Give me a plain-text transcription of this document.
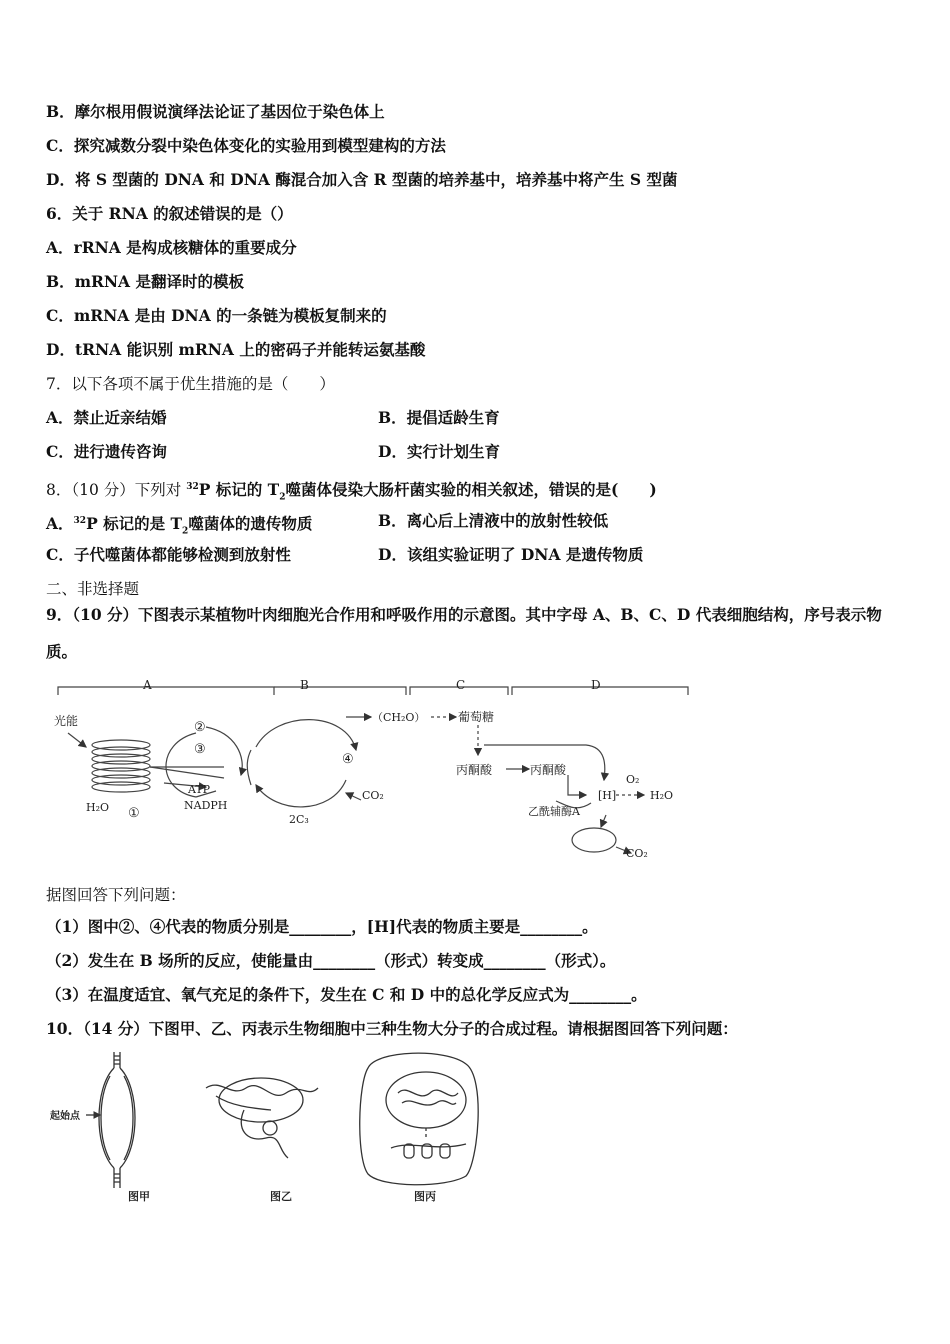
B．摩尔根用假说演绎法论证了基因位于染色体上
C．探究减数分裂中染色体变化的实验用到模型建构的方法
D．将 S 型菌的 DNA 和 DNA 酶混合加入含 R 型菌的培养基中，培养基中将产生 S 型菌
6．关于 RNA 的叙述错误的是（）
A．rRNA 是构成核糖体的重要成分
B．mRNA 是翻译时的模板
C．mRNA 是由 DNA 的一条链为模板复制来的
D．tRNA 能识别 mRNA 上的密码子并能转运氨基酸
7．以下各项不属于优生措施的是（　　）
A．禁止近亲结婚	B．提倡适龄生育
C．进行遗传咨询	D．实行计划生育
8．（10 分）下列对 $^{32}$P 标记的 $T_2$噬菌体侵染大肠杆菌实验的相关叙述，错误的是(　　)
A．$^{32}$P 标记的是 $T_2$噬菌体的遗传物质	B．离心后上清液中的放射性较低
C．子代噬菌体都能够检测到放射性	D．该组实验证明了 DNA 是遗传物质
二、非选择题
9．（10 分）下图表示某植物叶肉细胞光合作用和呼吸作用的示意图。其中字母 A、B、C、D 代表细胞结构，序号表示物
质。
A	B	C	D
光能	②
③
④
①
ATP
NADPH
H₂O
2C₃
CO₂
（CH₂O）	葡萄糖
丙酮酸	丙酮酸
[H]
O₂
H₂O
乙酰辅酶A
CO₂
据图回答下列问题：
（1）图中②、④代表的物质分别是________，[H]代表的物质主要是________。
（2）发生在 B 场所的反应，使能量由________（形式）转变成________（形式）。
（3）在温度适宜、氧气充足的条件下，发生在 C 和 D 中的总化学反应式为________。
10．（14 分）下图甲、乙、丙表示生物细胞中三种生物大分子的合成过程。请根据图回答下列问题：
起始点
图甲	图乙	图丙
